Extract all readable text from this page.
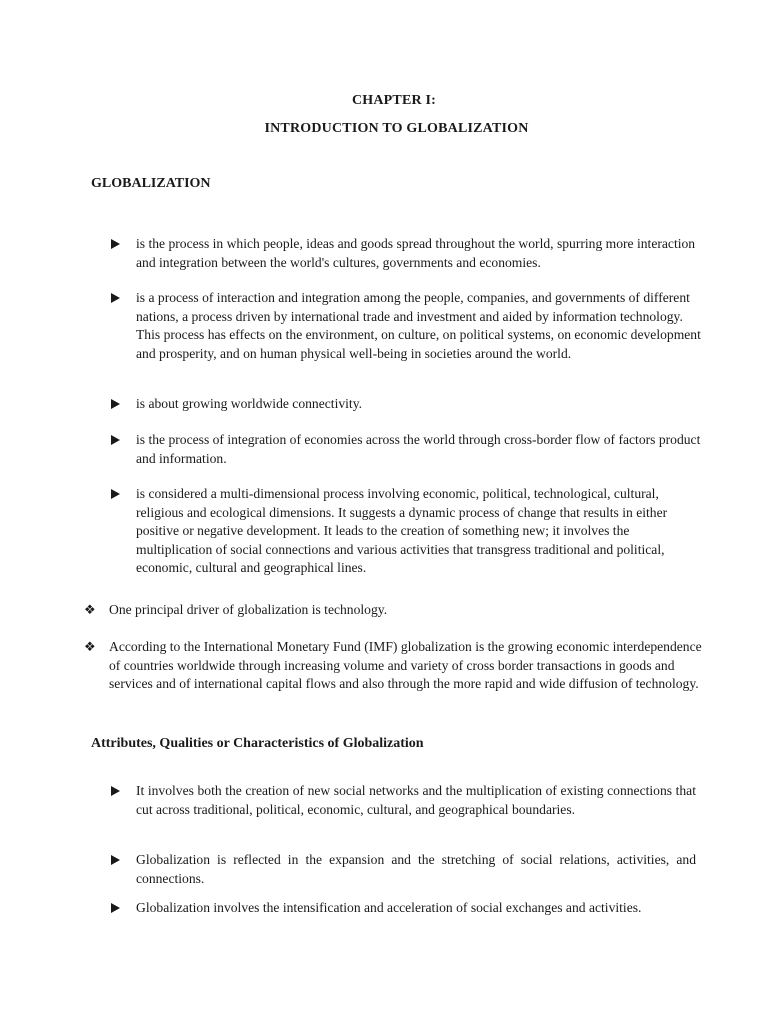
CHAPTER I:
INTRODUCTION TO GLOBALIZATION
GLOBALIZATION
is the process in which people, ideas and goods spread throughout the world, spurring more interaction and integration between the world's cultures, governments and economies.
is a process of interaction and integration among the people, companies, and governments of different nations, a process driven by international trade and investment and aided by information technology. This process has effects on the environment, on culture, on political systems, on economic development and prosperity, and on human physical well-being in societies around the world.
is about growing worldwide connectivity.
is the process of integration of economies across the world through cross-border flow of factors product and information.
is considered a multi-dimensional process involving economic, political, technological, cultural, religious and ecological dimensions. It suggests a dynamic process of change that results in either positive or negative development. It leads to the creation of something new; it involves the multiplication of social connections and various activities that transgress traditional and political, economic, cultural and geographical lines.
❖ One principal driver of globalization is technology.
❖ According to the International Monetary Fund (IMF) globalization is the growing economic interdependence of countries worldwide through increasing volume and variety of cross border transactions in goods and services and of international capital flows and also through the more rapid and wide diffusion of technology.
Attributes, Qualities or Characteristics of Globalization
It involves both the creation of new social networks and the multiplication of existing connections that cut across traditional, political, economic, cultural, and geographical boundaries.
Globalization is reflected in the expansion and the stretching of social relations, activities, and connections.
Globalization involves the intensification and acceleration of social exchanges and activities.
